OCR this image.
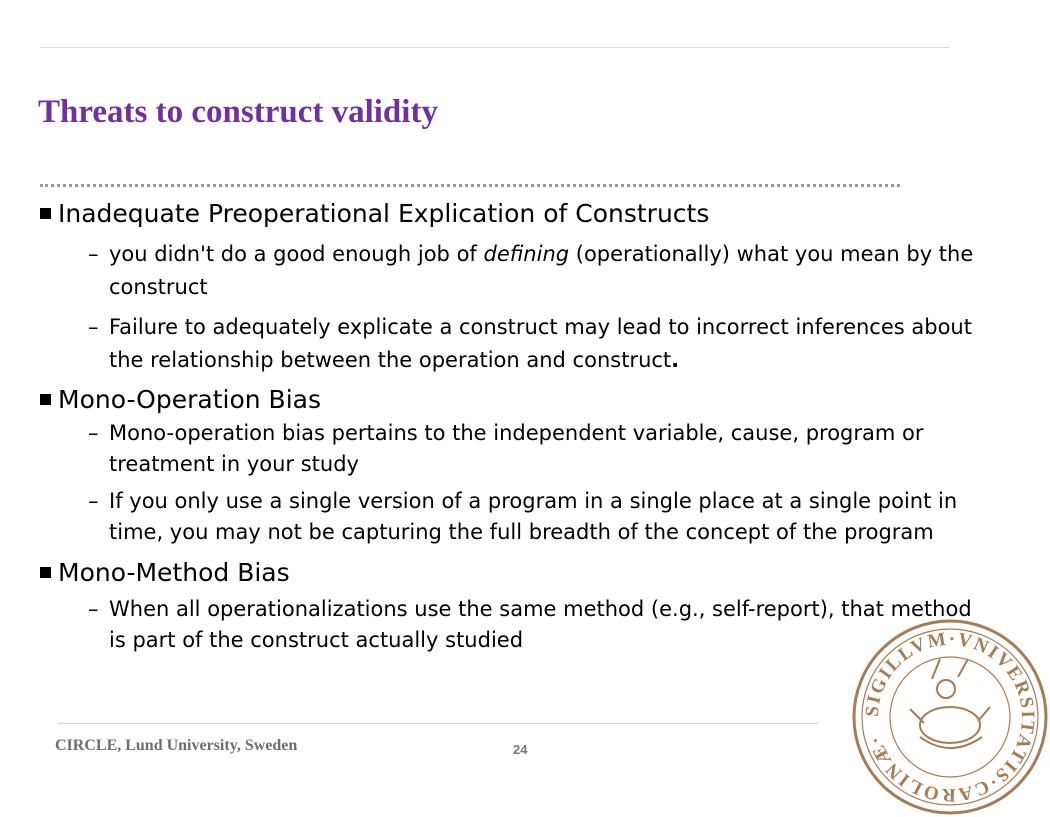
Threats to construct validity
Inadequate Preoperational Explication of Constructs
– you didn't do a good enough job of defining (operationally) what you mean by the construct
– Failure to adequately explicate a construct may lead to incorrect inferences about the relationship between the operation and construct.
Mono-Operation Bias
– Mono-operation bias pertains to the independent variable, cause, program or treatment in your study
– If you only use a single version of a program in a single place at a single point in time, you may not be capturing the full breadth of the concept of the program
Mono-Method Bias
– When all operationalizations use the same method (e.g., self-report), that method is part of the construct actually studied
CIRCLE, Lund University, Sweden	24
SIGILLVM·VNIVERSITATIS·CAROLINÆ·
